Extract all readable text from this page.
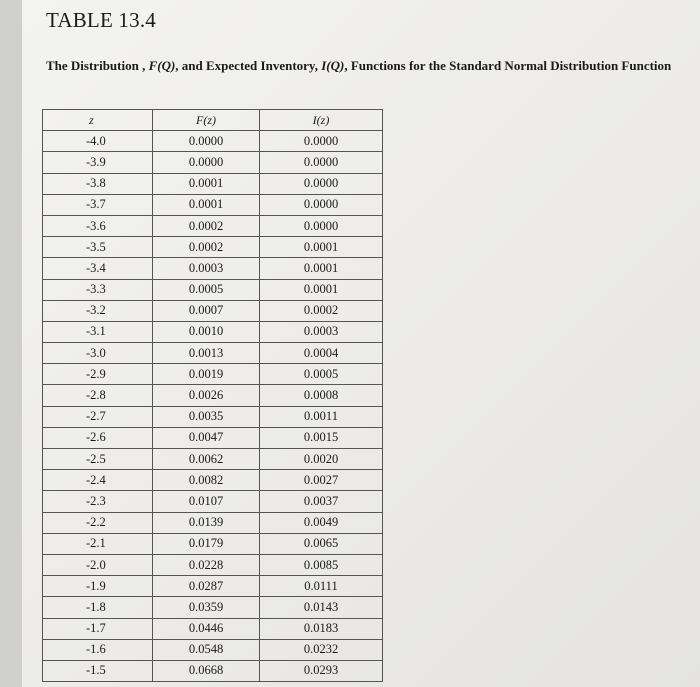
TABLE 13.4
The Distribution , F(Q), and Expected Inventory, I(Q), Functions for the Standard Normal Distribution Function
z	F(z)	I(z)
-4.0	0.0000	0.0000
-3.9	0.0000	0.0000
-3.8	0.0001	0.0000
-3.7	0.0001	0.0000
-3.6	0.0002	0.0000
-3.5	0.0002	0.0001
-3.4	0.0003	0.0001
-3.3	0.0005	0.0001
-3.2	0.0007	0.0002
-3.1	0.0010	0.0003
-3.0	0.0013	0.0004
-2.9	0.0019	0.0005
-2.8	0.0026	0.0008
-2.7	0.0035	0.0011
-2.6	0.0047	0.0015
-2.5	0.0062	0.0020
-2.4	0.0082	0.0027
-2.3	0.0107	0.0037
-2.2	0.0139	0.0049
-2.1	0.0179	0.0065
-2.0	0.0228	0.0085
-1.9	0.0287	0.0111
-1.8	0.0359	0.0143
-1.7	0.0446	0.0183
-1.6	0.0548	0.0232
-1.5	0.0668	0.0293
